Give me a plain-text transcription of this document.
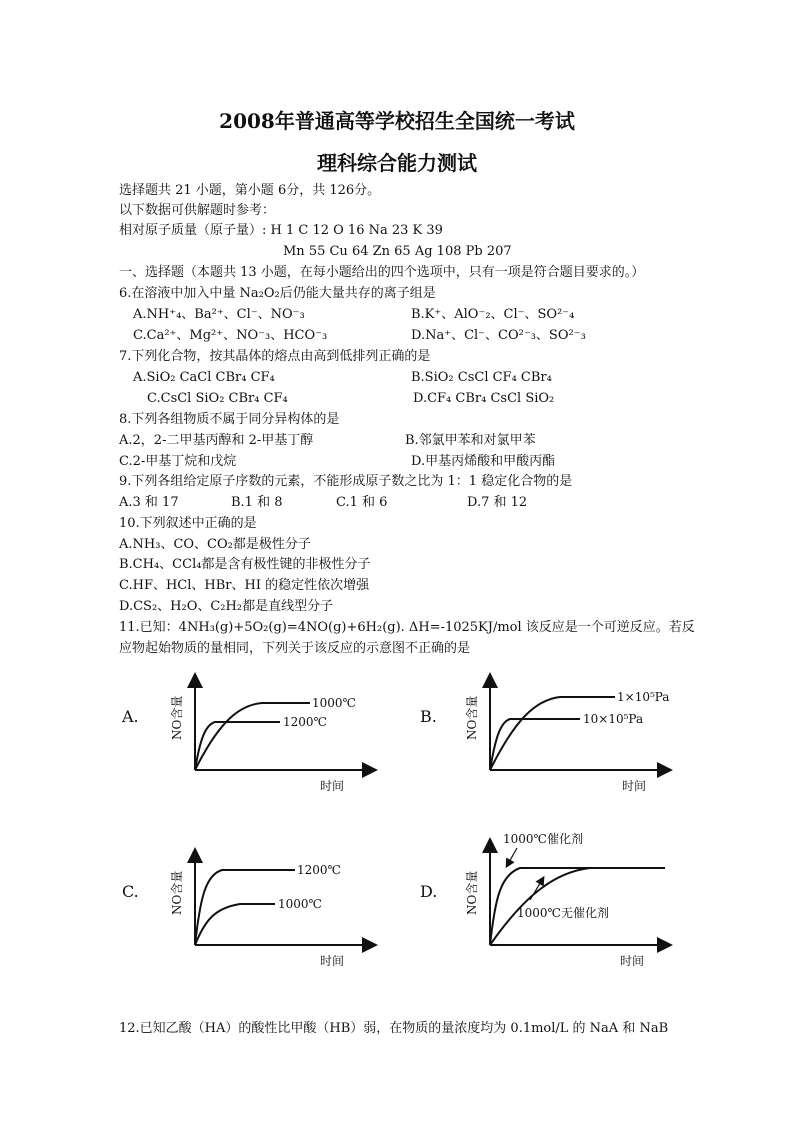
2008年普通高等学校招生全国统一考试
理科综合能力测试
选择题共 21 小题，第小题 6分，共 126分。
以下数据可供解题时参考：
相对原子质量（原子量）: H 1 C 12 O 16 Na 23 K 39
Mn 55 Cu 64 Zn 65 Ag 108 Pb 207
一、选择题（本题共 13 小题，在每小题给出的四个选项中，只有一项是符合题目要求的。）
6.在溶液中加入中量 Na₂O₂后仍能大量共存的离子组是
A.NH⁺₄、Ba²⁺、Cl⁻、NO⁻₃	B.K⁺、AlO⁻₂、Cl⁻、SO²⁻₄
C.Ca²⁺、Mg²⁺、NO⁻₃、HCO⁻₃	D.Na⁺、Cl⁻、CO²⁻₃、SO²⁻₃
7.下列化合物，按其晶体的熔点由高到低排列正确的是
A.SiO₂ CaCl CBr₄ CF₄	B.SiO₂ CsCl CF₄ CBr₄
C.CsCl SiO₂ CBr₄ CF₄	D.CF₄ CBr₄ CsCl SiO₂
8.下列各组物质不属于同分异构体的是
A.2，2-二甲基丙醇和 2-甲基丁醇	B.邻氯甲苯和对氯甲苯
C.2-甲基丁烷和戊烷	D.甲基丙烯酸和甲酸丙酯
9.下列各组给定原子序数的元素，不能形成原子数之比为 1：1 稳定化合物的是
A.3 和 17	B.1 和 8	C.1 和 6	D.7 和 12
10.下列叙述中正确的是
A.NH₃、CO、CO₂都是极性分子
B.CH₄、CCl₄都是含有极性键的非极性分子
C.HF、HCl、HBr、HI 的稳定性依次增强
D.CS₂、H₂O、C₂H₂都是直线型分子
11.已知：4NH₃(g)+5O₂(g)=4NO(g)+6H₂(g). ΔH=-1025KJ/mol 该反应是一个可逆反应。若反
应物起始物质的量相同，下列关于该反应的示意图不正确的是
A.	B.
C.	D.
NO含量	NO含量
NO含量	NO含量
时间	时间
时间	时间
1000℃
1200℃
1×10⁵Pa
10×10⁵Pa
1200℃
1000℃
1000℃催化剂
1000℃无催化剂
12.已知乙酸（HA）的酸性比甲酸（HB）弱，在物质的量浓度均为 0.1mol/L 的 NaA 和 NaB
